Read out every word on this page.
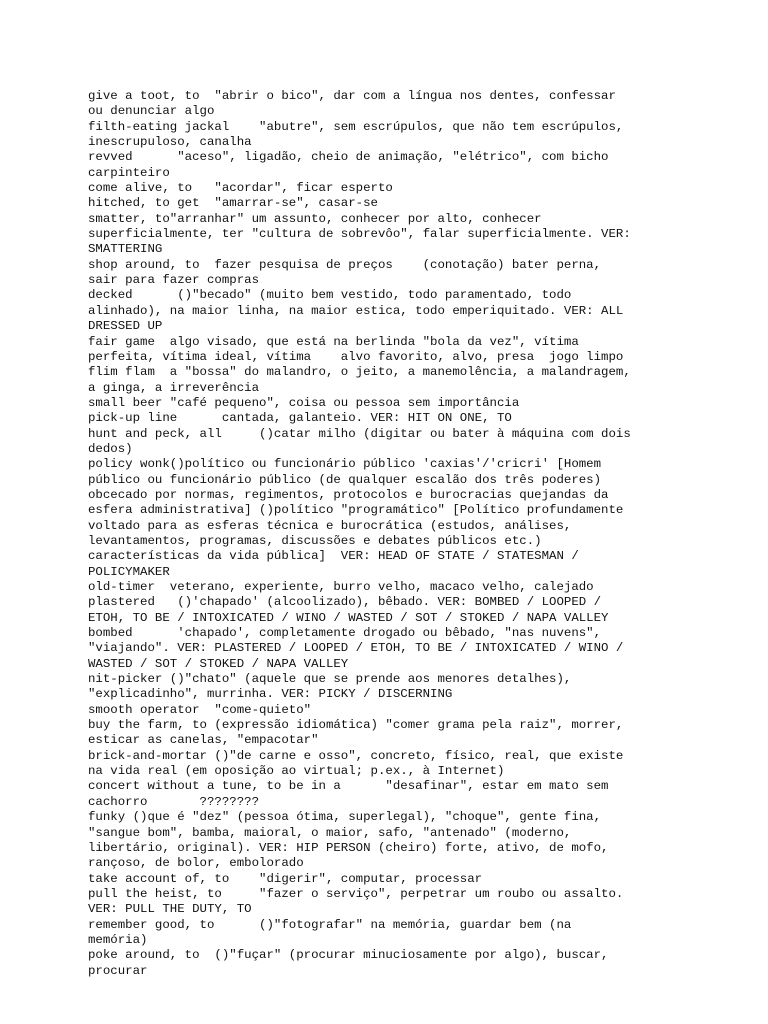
give a toot, to  "abrir o bico", dar com a língua nos dentes, confessar
ou denunciar algo
filth-eating jackal    "abutre", sem escrúpulos, que não tem escrúpulos,
inescrupuloso, canalha
revved      "aceso", ligadão, cheio de animação, "elétrico", com bicho
carpinteiro
come alive, to   "acordar", ficar esperto
hitched, to get  "amarrar-se", casar-se
smatter, to"arranhar" um assunto, conhecer por alto, conhecer
superficialmente, ter "cultura de sobrevôo", falar superficialmente. VER:
SMATTERING
shop around, to  fazer pesquisa de preços    (conotação) bater perna,
sair para fazer compras
decked      ()"becado" (muito bem vestido, todo paramentado, todo
alinhado), na maior linha, na maior estica, todo emperiquitado. VER: ALL
DRESSED UP
fair game  algo visado, que está na berlinda "bola da vez", vítima
perfeita, vítima ideal, vítima    alvo favorito, alvo, presa  jogo limpo
flim flam  a "bossa" do malandro, o jeito, a manemolência, a malandragem,
a ginga, a irreverência
small beer "café pequeno", coisa ou pessoa sem importância
pick-up line      cantada, galanteio. VER: HIT ON ONE, TO
hunt and peck, all     ()catar milho (digitar ou bater à máquina com dois
dedos)
policy wonk()político ou funcionário público 'caxias'/'cricri' [Homem
público ou funcionário público (de qualquer escalão dos três poderes)
obcecado por normas, regimentos, protocolos e burocracias quejandas da
esfera administrativa] ()político "programático" [Político profundamente
voltado para as esferas técnica e burocrática (estudos, análises,
levantamentos, programas, discussões e debates públicos etc.)
características da vida pública]  VER: HEAD OF STATE / STATESMAN /
POLICYMAKER
old-timer  veterano, experiente, burro velho, macaco velho, calejado
plastered   ()'chapado' (alcoolizado), bêbado. VER: BOMBED / LOOPED /
ETOH, TO BE / INTOXICATED / WINO / WASTED / SOT / STOKED / NAPA VALLEY
bombed      'chapado', completamente drogado ou bêbado, "nas nuvens",
"viajando". VER: PLASTERED / LOOPED / ETOH, TO BE / INTOXICATED / WINO /
WASTED / SOT / STOKED / NAPA VALLEY
nit-picker ()"chato" (aquele que se prende aos menores detalhes),
"explicadinho", murrinha. VER: PICKY / DISCERNING
smooth operator  "come-quieto"
buy the farm, to (expressão idiomática) "comer grama pela raiz", morrer,
esticar as canelas, "empacotar"
brick-and-mortar ()"de carne e osso", concreto, físico, real, que existe
na vida real (em oposição ao virtual; p.ex., à Internet)
concert without a tune, to be in a      "desafinar", estar em mato sem
cachorro       ????????
funky ()que é "dez" (pessoa ótima, superlegal), "choque", gente fina,
"sangue bom", bamba, maioral, o maior, safo, "antenado" (moderno,
libertário, original). VER: HIP PERSON (cheiro) forte, ativo, de mofo,
rançoso, de bolor, embolorado
take account of, to    "digerir", computar, processar
pull the heist, to     "fazer o serviço", perpetrar um roubo ou assalto.
VER: PULL THE DUTY, TO
remember good, to      ()"fotografar" na memória, guardar bem (na
memória)
poke around, to  ()"fuçar" (procurar minuciosamente por algo), buscar,
procurar
